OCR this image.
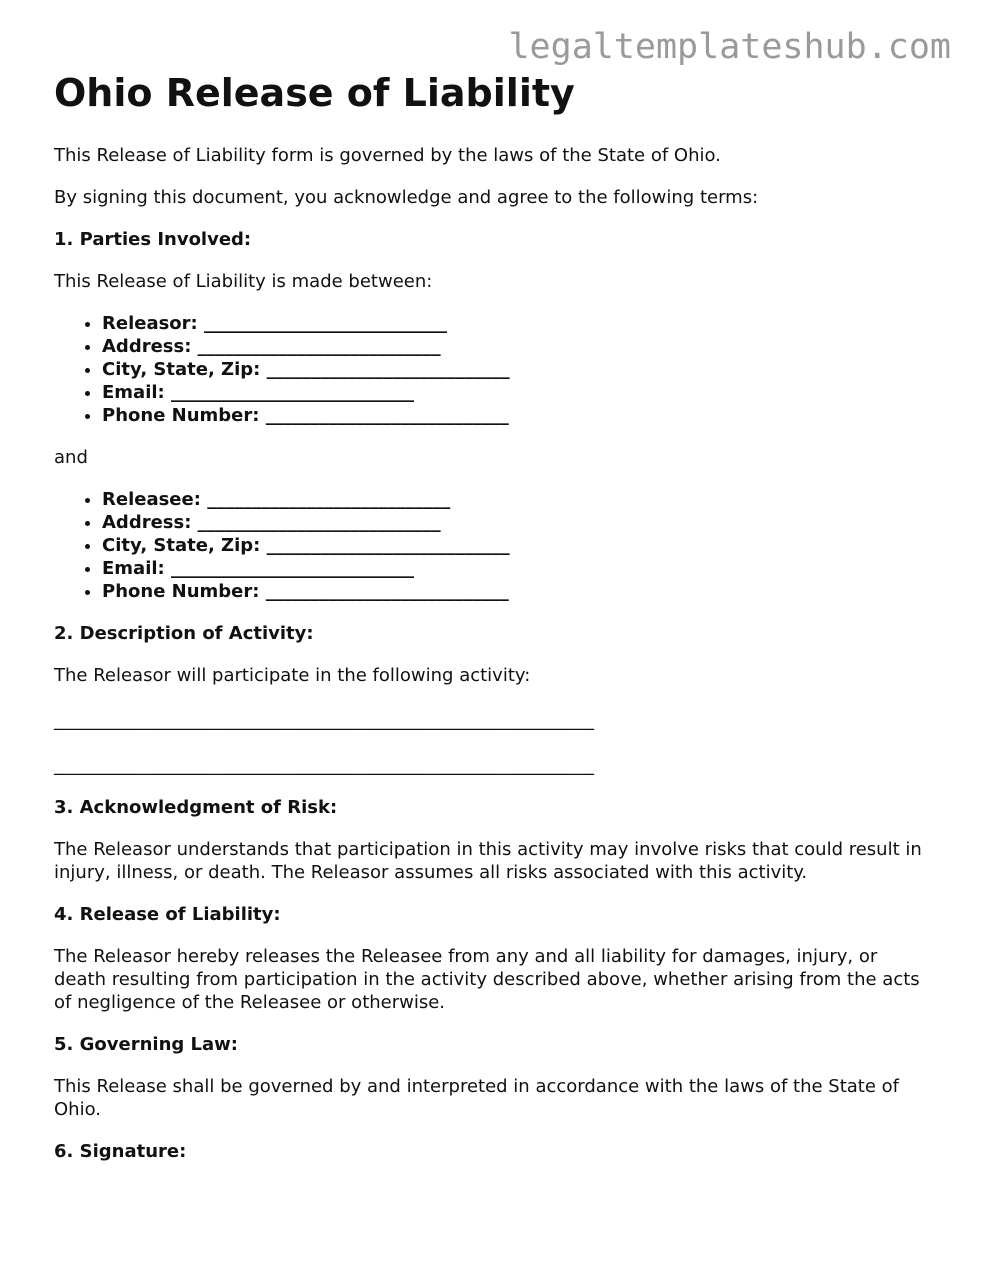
legaltemplateshub.com
Ohio Release of Liability

This Release of Liability form is governed by the laws of the State of Ohio.

By signing this document, you acknowledge and agree to the following terms:

1. Parties Involved:

This Release of Liability is made between:

• Releasor: ___________________________
• Address: ___________________________
• City, State, Zip: ___________________________
• Email: ___________________________
• Phone Number: ___________________________

and

• Releasee: ___________________________
• Address: ___________________________
• City, State, Zip: ___________________________
• Email: ___________________________
• Phone Number: ___________________________
2. Description of Activity:

The Releasor will participate in the following activity:

____________________________________________________________
____________________________________________________________
3. Acknowledgment of Risk:

The Releasor understands that participation in this activity may involve risks that could result in injury, illness, or death. The Releasor assumes all risks associated with this activity.

4. Release of Liability:

The Releasor hereby releases the Releasee from any and all liability for damages, injury, or death resulting from participation in the activity described above, whether arising from the acts of negligence of the Releasee or otherwise.

5. Governing Law:

This Release shall be governed by and interpreted in accordance with the laws of the State of Ohio.

6. Signature:
